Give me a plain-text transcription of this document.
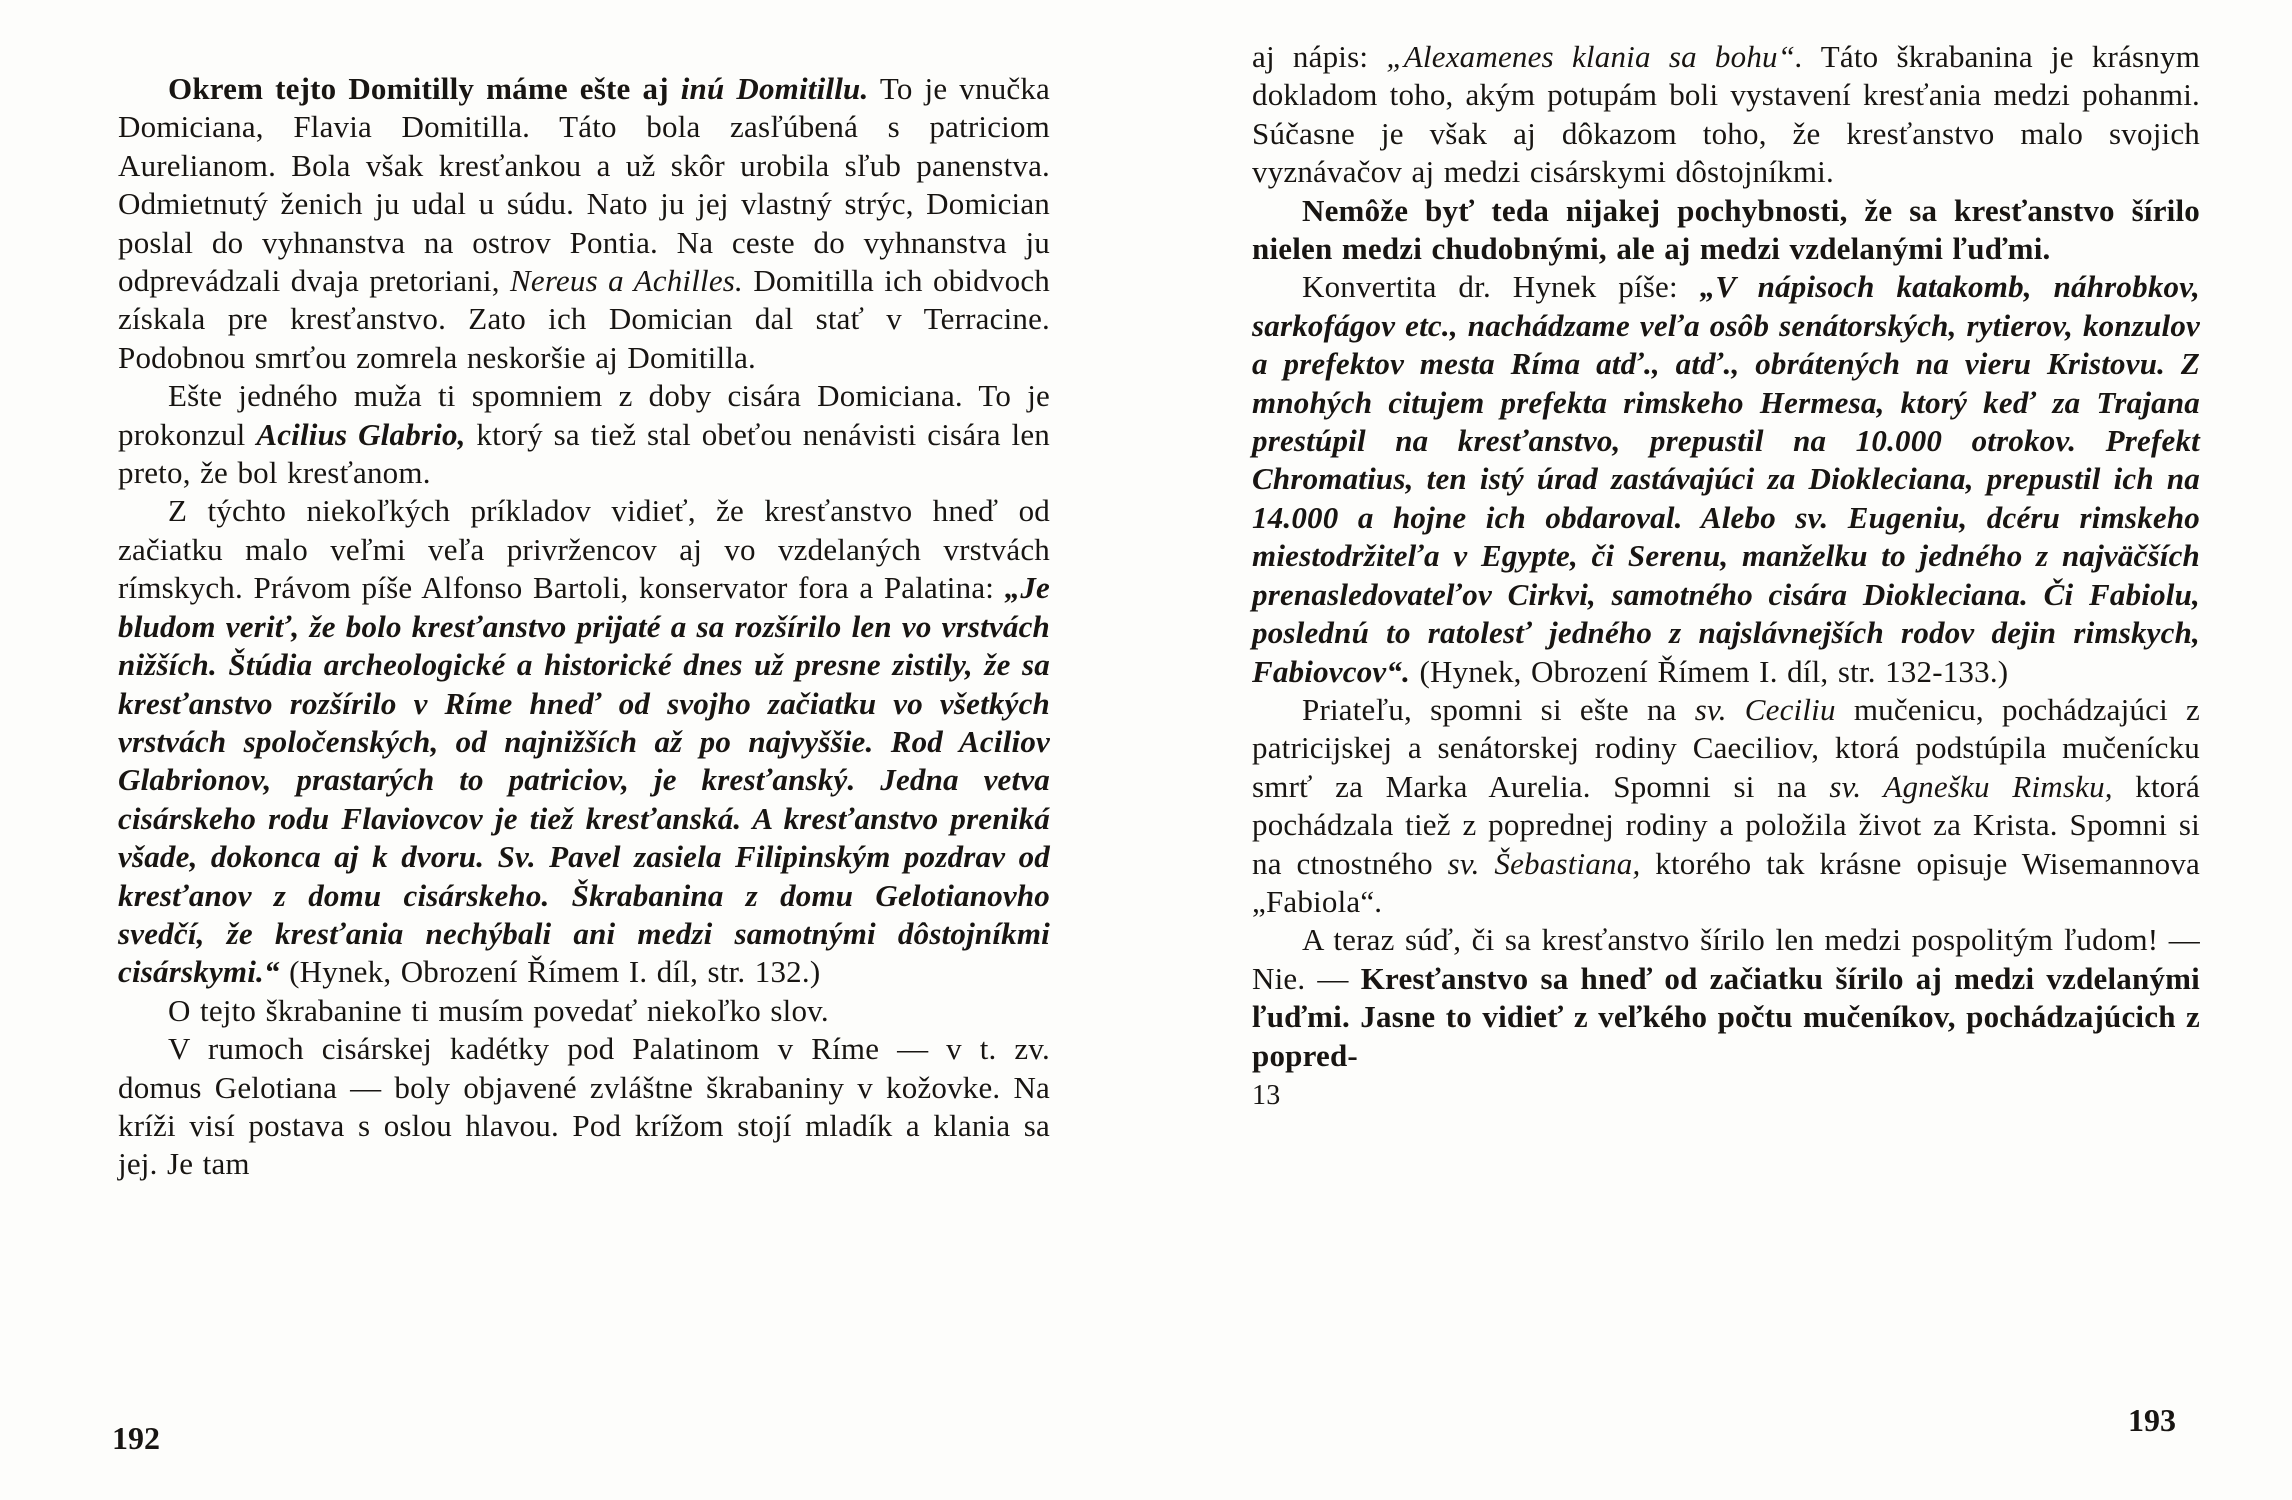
Okrem tejto Domitilly máme ešte aj inú Domitillu. To je vnučka Domiciana, Flavia Domitilla. Táto bola zasľúbená s patriciom Aurelianom. Bola však kresťankou a už skôr urobila sľub panenstva. Odmietnutý ženich ju udal u súdu. Nato ju jej vlastný strýc, Domician poslal do vyhnanstva na ostrov Pontia. Na ceste do vyhnanstva ju odprevádzali dvaja pretoriani, Nereus a Achilles. Domitilla ich obidvoch získala pre kresťanstvo. Zato ich Domician dal stať v Terracine. Podobnou smrťou zomrela neskoršie aj Domitilla.

Ešte jedného muža ti spomniem z doby cisára Domiciana. To je prokonzul Acilius Glabrio, ktorý sa tiež stal obeťou nenávisti cisára len preto, že bol kresťanom.

Z týchto niekoľkých príkladov vidieť, že kresťanstvo hneď od začiatku malo veľmi veľa privržencov aj vo vzdelaných vrstvách rímskych. Právom píše Alfonso Bartoli, konservator fora a Palatina: „Je bludom veriť, že bolo kresťanstvo prijaté a sa rozšírilo len vo vrstvách nižších. Štúdia archeologické a historické dnes už presne zistily, že sa kresťanstvo rozšírilo v Ríme hneď od svojho začiatku vo všetkých vrstvách spoločenských, od najnižších až po najvyššie. Rod Aciliov Glabrionov, prastarých to patriciov, je kresťanský. Jedna vetva cisárskeho rodu Flaviovcov je tiež kresťanská. A kresťanstvo preniká všade, dokonca aj k dvoru. Sv. Pavel zasiela Filipinským pozdrav od kresťanov z domu cisárskeho. Škrabanina z domu Gelotianovho svedčí, že kresťania nechýbali ani medzi samotnými dôstojníkmi cisárskymi.“ (Hynek, Obrození Římem I. díl, str. 132.)

O tejto škrabanine ti musím povedať niekoľko slov.

V rumoch cisárskej kadétky pod Palatinom v Ríme — v t. zv. domus Gelotiana — boly objavené zvláštne škrabaniny v kožovke. Na kríži visí postava s oslou hlavou. Pod krížom stojí mladík a klania sa jej. Je tam

aj nápis: „Alexamenes klania sa bohu“. Táto škrabanina je krásnym dokladom toho, akým potupám boli vystavení kresťania medzi pohanmi. Súčasne je však aj dôkazom toho, že kresťanstvo malo svojich vyznávačov aj medzi cisárskymi dôstojníkmi.

Nemôže byť teda nijakej pochybnosti, že sa kresťanstvo šírilo nielen medzi chudobnými, ale aj medzi vzdelanými ľuďmi.

Konvertita dr. Hynek píše: „V nápisoch katakomb, náhrobkov, sarkofágov etc., nachádzame veľa osôb senátorských, rytierov, konzulov a prefektov mesta Ríma atď., atď., obrátených na vieru Kristovu. Z mnohých citujem prefekta rimskeho Hermesa, ktorý keď za Trajana prestúpil na kresťanstvo, prepustil na 10.000 otrokov. Prefekt Chromatius, ten istý úrad zastávajúci za Diokleciana, prepustil ich na 14.000 a hojne ich obdaroval. Alebo sv. Eugeniu, dcéru rimskeho miestodržiteľa v Egypte, či Serenu, manželku to jedného z najväčších prenasledovateľov Cirkvi, samotného cisára Diokleciana. Či Fabiolu, poslednú to ratolesť jedného z najslávnejších rodov dejin rimskych, Fabiovcov“. (Hynek, Obrození Římem I. díl, str. 132-133.)

Priateľu, spomni si ešte na sv. Ceciliu mučenicu, pochádzajúci z patricijskej a senátorskej rodiny Caeciliov, ktorá podstúpila mučenícku smrť za Marka Aurelia. Spomni si na sv. Agnešku Rimsku, ktorá pochádzala tiež z poprednej rodiny a položila život za Krista. Spomni si na ctnostného sv. Šebastiana, ktorého tak krásne opisuje Wisemannova „Fabiola“.

A teraz súď, či sa kresťanstvo šírilo len medzi pospolitým ľudom! — Nie. — Kresťanstvo sa hneď od začiatku šírilo aj medzi vzdelanými ľuďmi. Jasne to vidieť z veľkého počtu mučeníkov, pochádzajúcich z popred-

13

192	193
